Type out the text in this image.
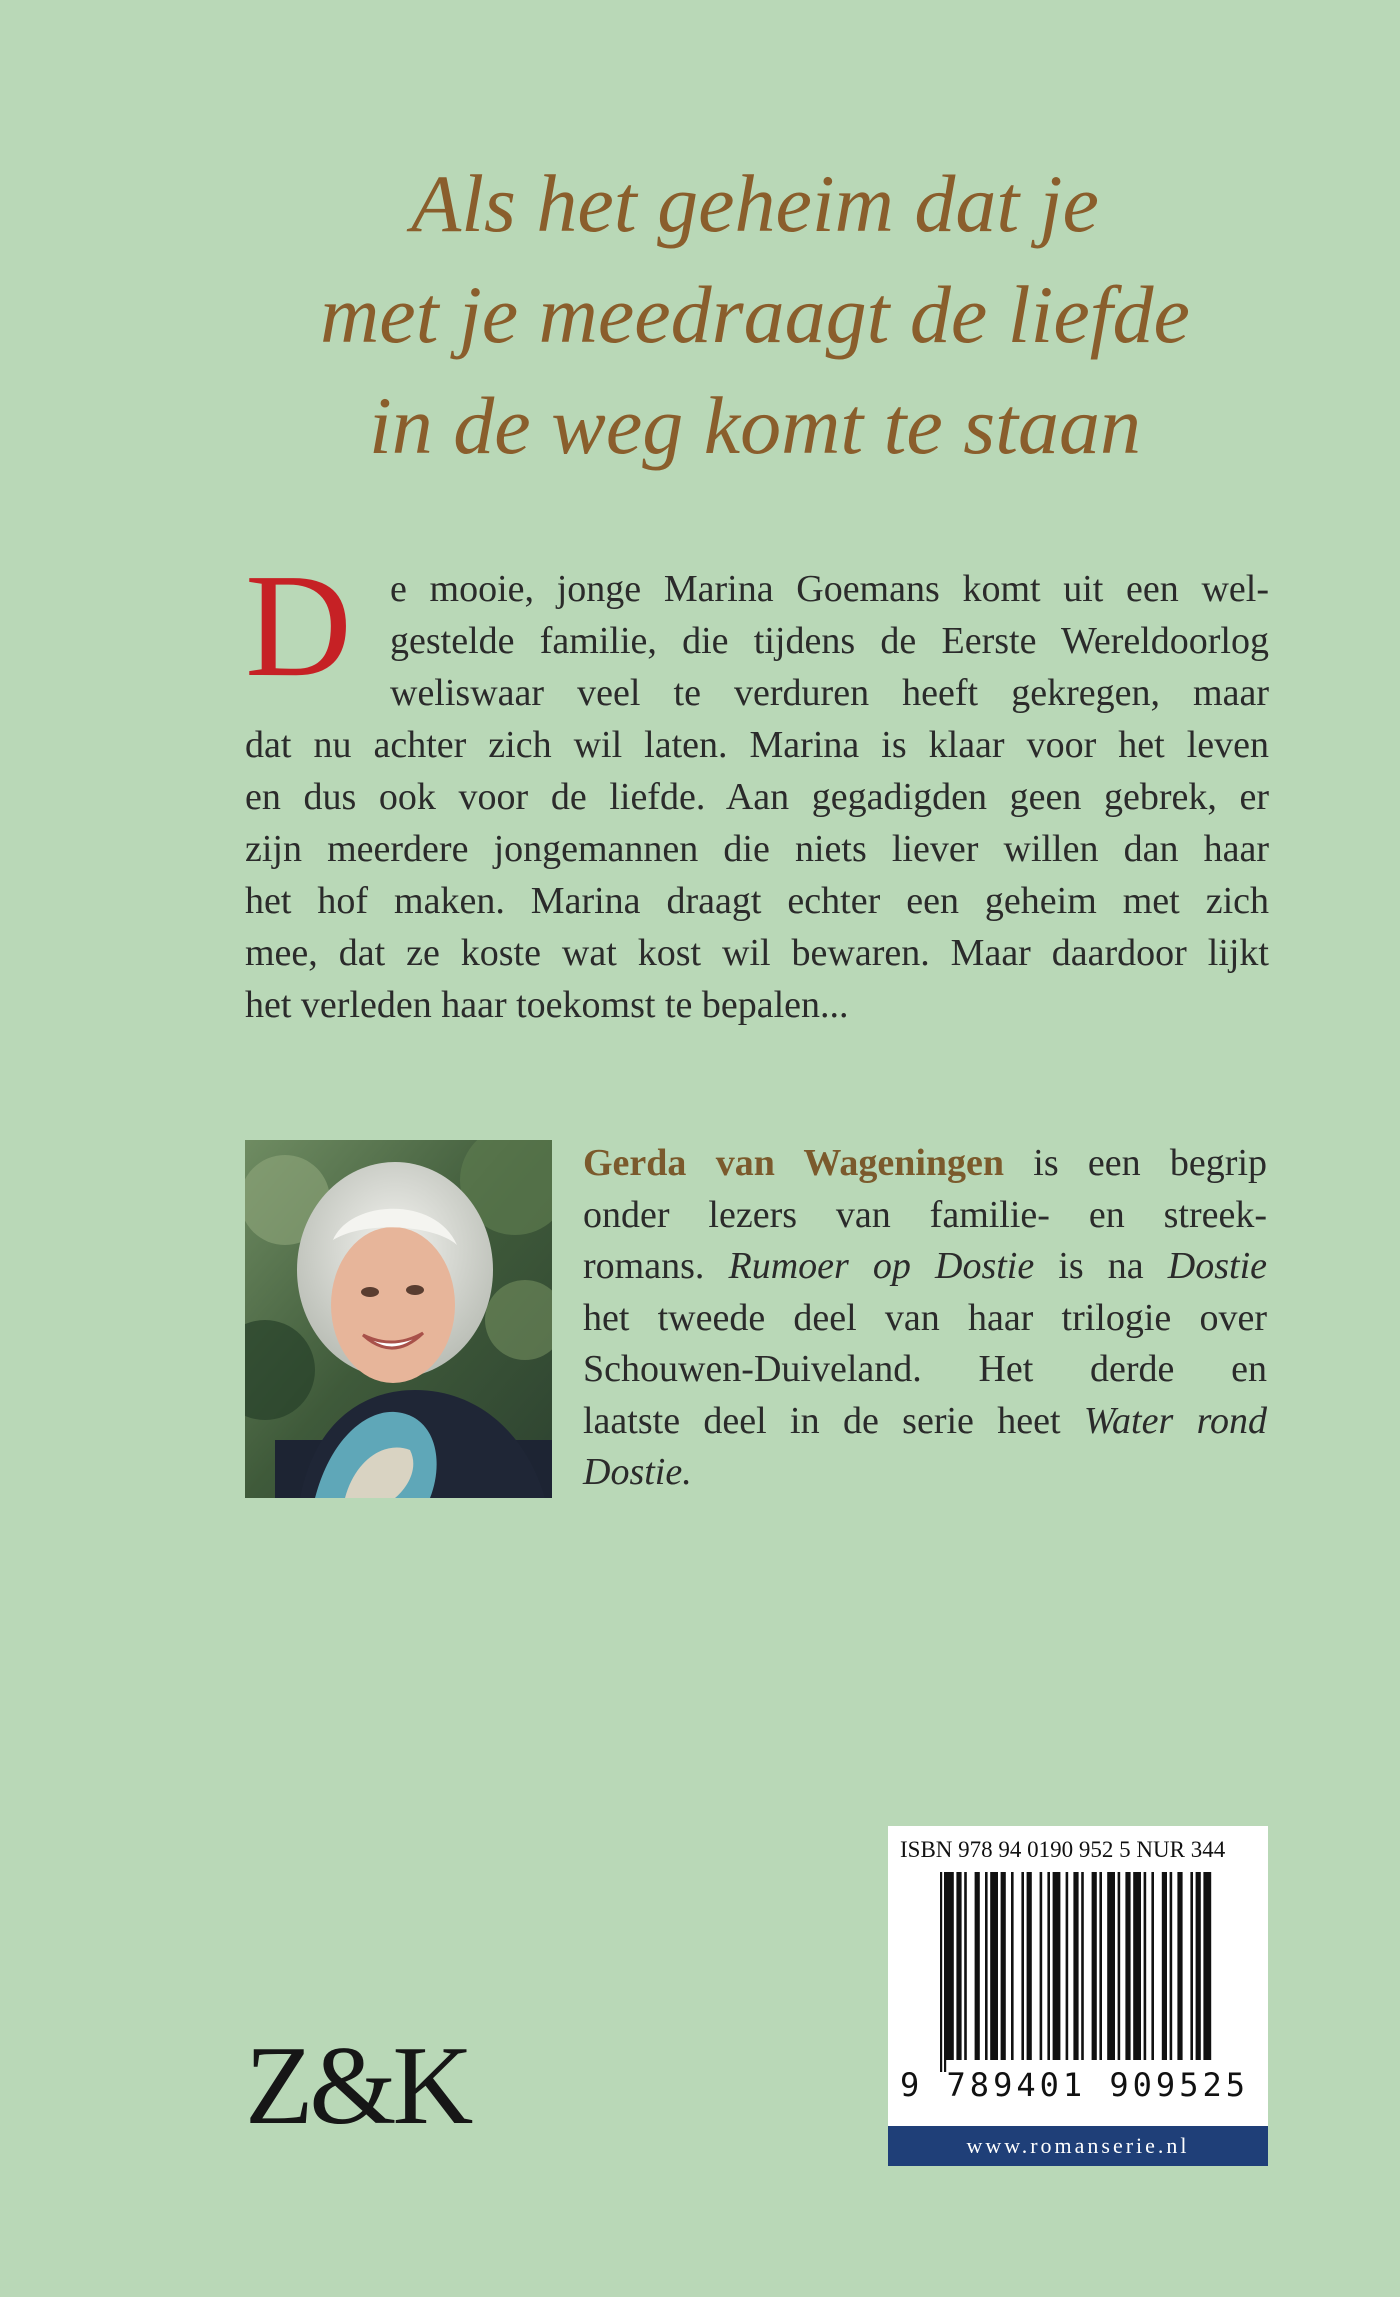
Als het geheim dat je
met je meedraagt de liefde
in de weg komt te staan
D e mooie, jonge Marina Goemans komt uit een wel-
gestelde familie, die tijdens de Eerste Wereldoorlog
weliswaar veel te verduren heeft gekregen, maar
dat nu achter zich wil laten. Marina is klaar voor het leven
en dus ook voor de liefde. Aan gegadigden geen gebrek, er
zijn meerdere jongemannen die niets liever willen dan haar
het hof maken. Marina draagt echter een geheim met zich
mee, dat ze koste wat kost wil bewaren. Maar daardoor lijkt
het verleden haar toekomst te bepalen...
Gerda van Wageningen is een begrip
onder lezers van familie- en streek-
romans. Rumoer op Dostie is na Dostie
het tweede deel van haar trilogie over
Schouwen-Duiveland. Het derde en
laatste deel in de serie heet Water rond
Dostie.
Z&K
ISBN 978 94 0190 952 5 NUR 344
9 789401 909525
www.romanserie.nl
